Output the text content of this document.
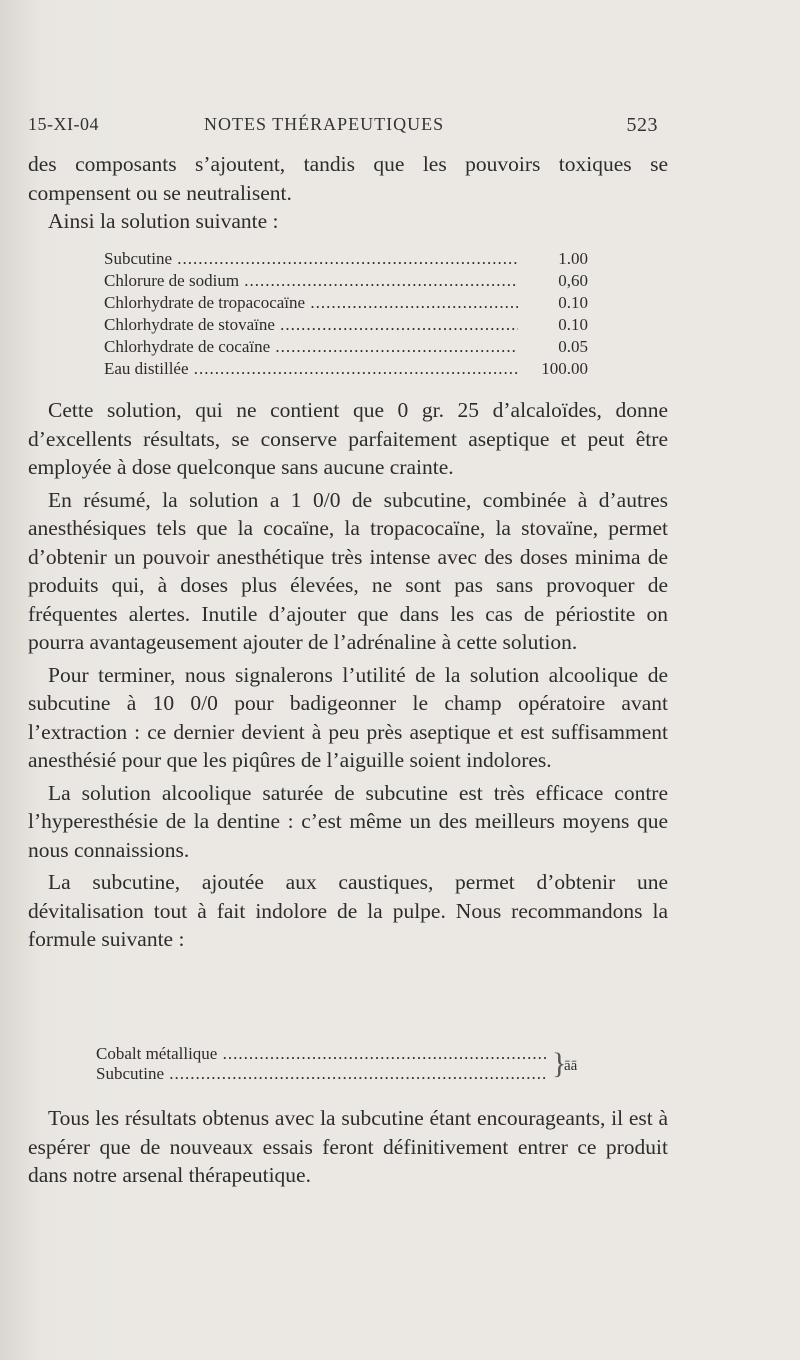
15-XI-04	NOTES THÉRAPEUTIQUES	523

des composants s’ajoutent, tandis que les pouvoirs toxiques se compensent ou se neutralisent.

Ainsi la solution suivante :

Subcutine .....	1.00
Chlorure de sodium .....	0,60
Chlorhydrate de tropacocaïne .....	0.10
Chlorhydrate de stovaïne .....	0.10
Chlorhydrate de cocaïne .....	0.05
Eau distillée .....	100.00

Cette solution, qui ne contient que 0 gr. 25 d’alcaloïdes, donne d’excellents résultats, se conserve parfaitement aseptique et peut être employée à dose quelconque sans aucune crainte.

En résumé, la solution a 1 0/0 de subcutine, combinée à d’autres anesthésiques tels que la cocaïne, la tropacocaïne, la stovaïne, permet d’obtenir un pouvoir anesthétique très intense avec des doses minima de produits qui, à doses plus élevées, ne sont pas sans provoquer de fréquentes alertes. Inutile d’ajouter que dans les cas de périostite on pourra avantageusement ajouter de l’adrénaline à cette solution.

Pour terminer, nous signalerons l’utilité de la solution alcoolique de subcutine à 10 0/0 pour badigeonner le champ opératoire avant l’extraction : ce dernier devient à peu près aseptique et est suffisamment anesthésié pour que les piqûres de l’aiguille soient indolores.

La solution alcoolique saturée de subcutine est très efficace contre l’hyperesthésie de la dentine : c’est même un des meilleurs moyens que nous connaissions.

La subcutine, ajoutée aux caustiques, permet d’obtenir une dévitalisation tout à fait indolore de la pulpe. Nous recommandons la formule suivante :

Cobalt métallique .....
Subcutine .....	}
āā

Tous les résultats obtenus avec la subcutine étant encourageants, il est à espérer que de nouveaux essais feront définitivement entrer ce produit dans notre arsenal thérapeutique.
